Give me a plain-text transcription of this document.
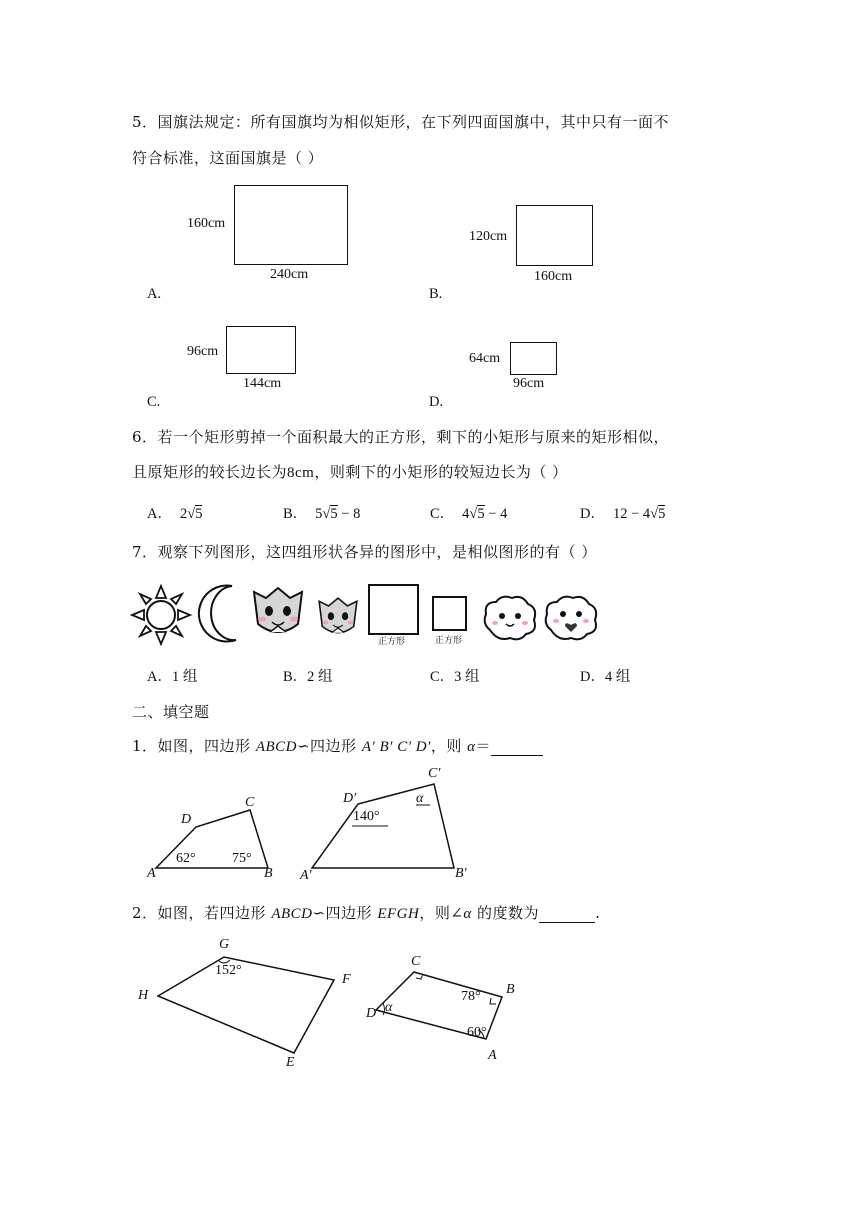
5．国旗法规定：所有国旗均为相似矩形，在下列四面国旗中，其中只有一面不
符合标准，这面国旗是（ ）
160cm
240cm
A.
120cm
160cm
B.
96cm
144cm
C.
64cm
96cm
D.
6．若一个矩形剪掉一个面积最大的正方形，剩下的小矩形与原来的矩形相似，
且原矩形的较长边长为8cm，则剩下的小矩形的较短边长为（ ）
A． 2√5	B． 5√5 − 8	C． 4√5 − 4	D． 12 − 4√5
7．观察下列图形，这四组形状各异的图形中，是相似图形的有（ ）
正方形	正方形
A．1 组	B．2 组	C．3 组	D．4 组
二、填空题
1．如图，四边形 ABCD∽四边形 A′ B′ C′ D′，则 α＝
A	B
C
D
62°	75°
A′	B′
C′
D′
140°
α
2．如图，若四边形 ABCD∽四边形 EFGH，则∠α 的度数为	.
G
H
F
E
152°
C
B
D
A
78°
60°
α
